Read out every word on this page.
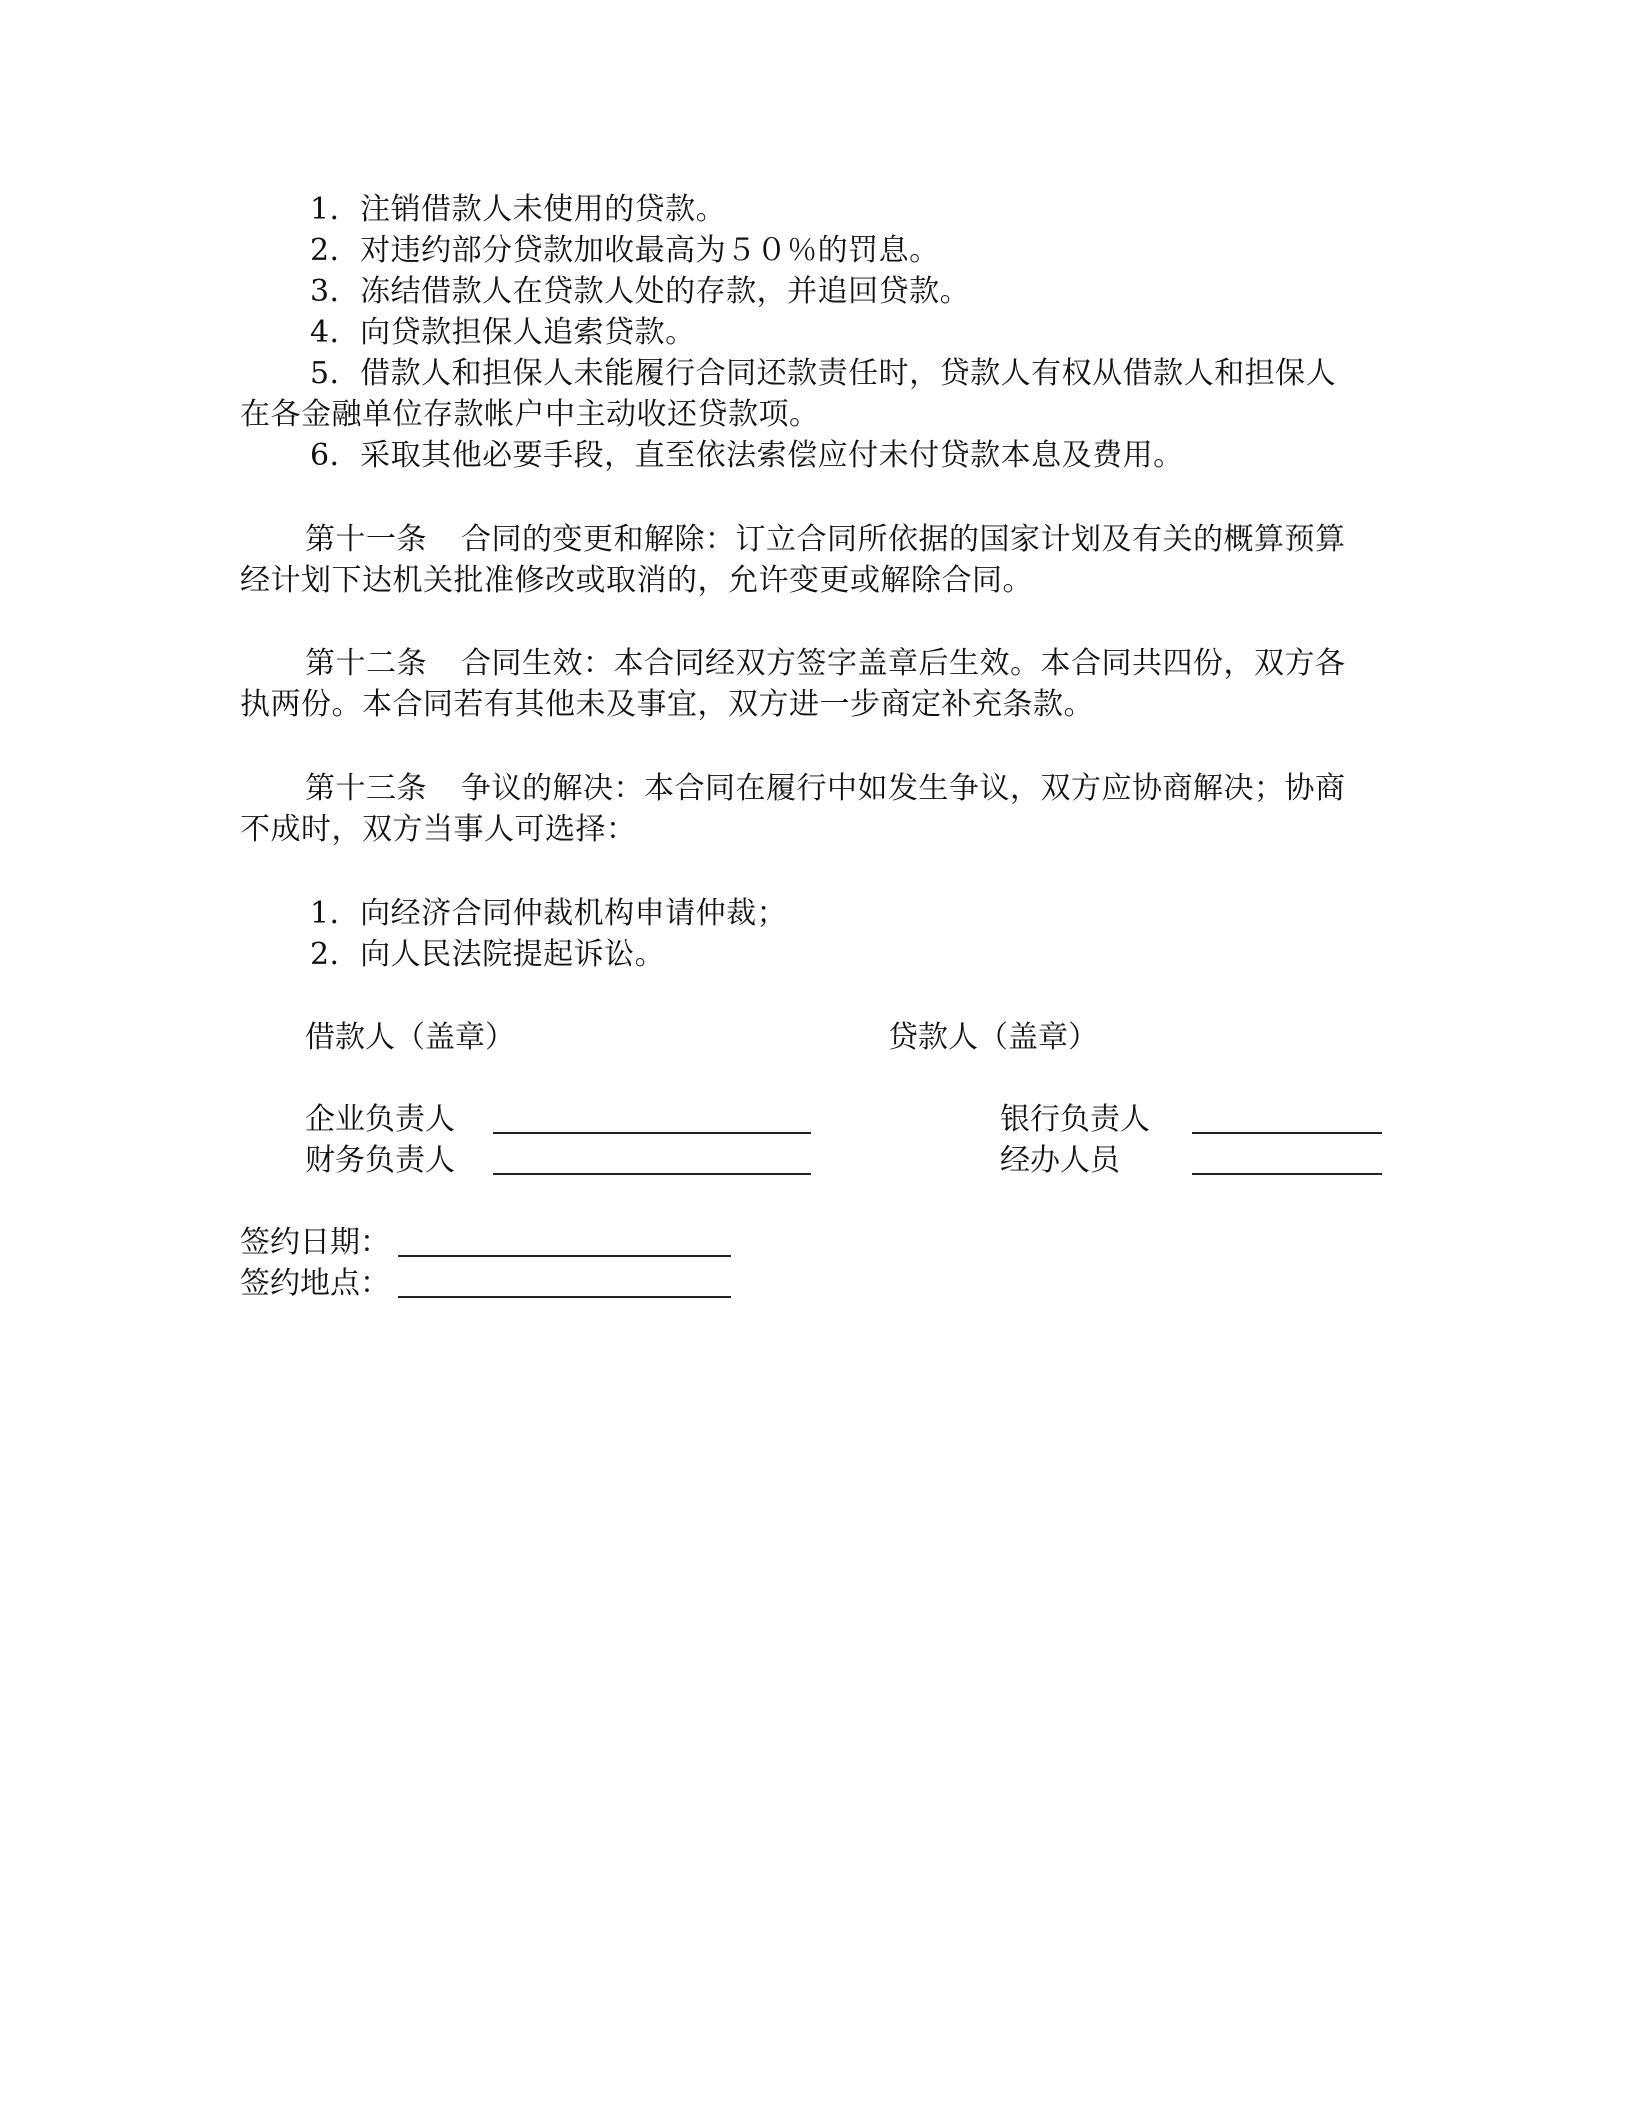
1．注销借款人未使用的贷款。
2．对违约部分贷款加收最高为５０％的罚息。
3．冻结借款人在贷款人处的存款，并追回贷款。
4．向贷款担保人追索贷款。
5．借款人和担保人未能履行合同还款责任时，贷款人有权从借款人和担保人
在各金融单位存款帐户中主动收还贷款项。
6．采取其他必要手段，直至依法索偿应付未付贷款本息及费用。
第十一条 合同的变更和解除：订立合同所依据的国家计划及有关的概算预算
经计划下达机关批准修改或取消的，允许变更或解除合同。
第十二条 合同生效：本合同经双方签字盖章后生效。本合同共四份，双方各
执两份。本合同若有其他未及事宜，双方进一步商定补充条款。
第十三条 争议的解决：本合同在履行中如发生争议，双方应协商解决；协商
不成时，双方当事人可选择：
1．向经济合同仲裁机构申请仲裁；
2．向人民法院提起诉讼。
借款人（盖章）	贷款人（盖章）
企业负责人	银行负责人
财务负责人	经办人员
签约日期：
签约地点：
